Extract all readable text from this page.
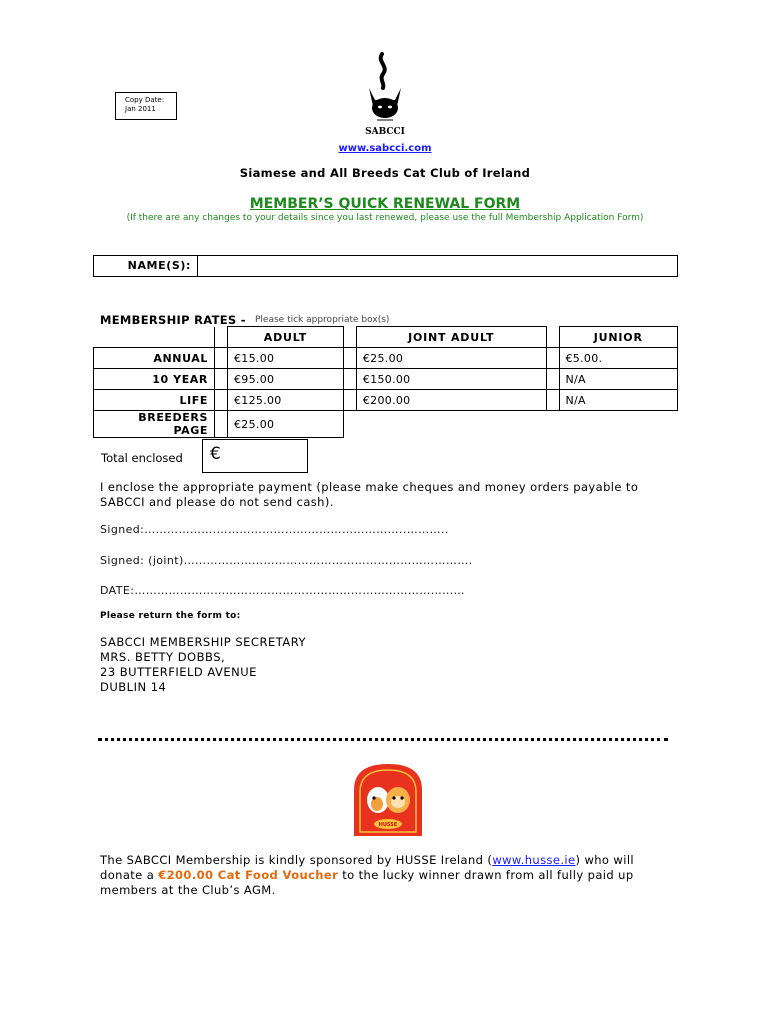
Copy Date:
Jan 2011
SABCCI
www.sabcci.com
Siamese and All Breeds Cat Club of Ireland
MEMBER’S QUICK RENEWAL FORM
(If there are any changes to your details since you last renewed, please use the full Membership Application Form)
NAME(S):
MEMBERSHIP RATES - Please tick appropriate box(s)
		ADULT		JOINT ADULT		JUNIOR
ANNUAL		€15.00		€25.00		€5.00.
10 YEAR		€95.00		€150.00		N/A
LIFE		€125.00		€200.00		N/A
BREEDERS PAGE		€25.00				
Total enclosed	€
I enclose the appropriate payment (please make cheques and money orders payable to SABCCI and please do not send cash).
Signed:……………….…………………………………………..………..
Signed: (joint)………………………………………………………………….
DATE:……………………………………………………………………………
Please return the form to:
SABCCI MEMBERSHIP SECRETARY
MRS. BETTY DOBBS,
23 BUTTERFIELD AVENUE
DUBLIN 14
HUSSE
The SABCCI Membership is kindly sponsored by HUSSE Ireland (www.husse.ie) who will donate a €200.00 Cat Food Voucher to the lucky winner drawn from all fully paid up members at the Club’s AGM.
